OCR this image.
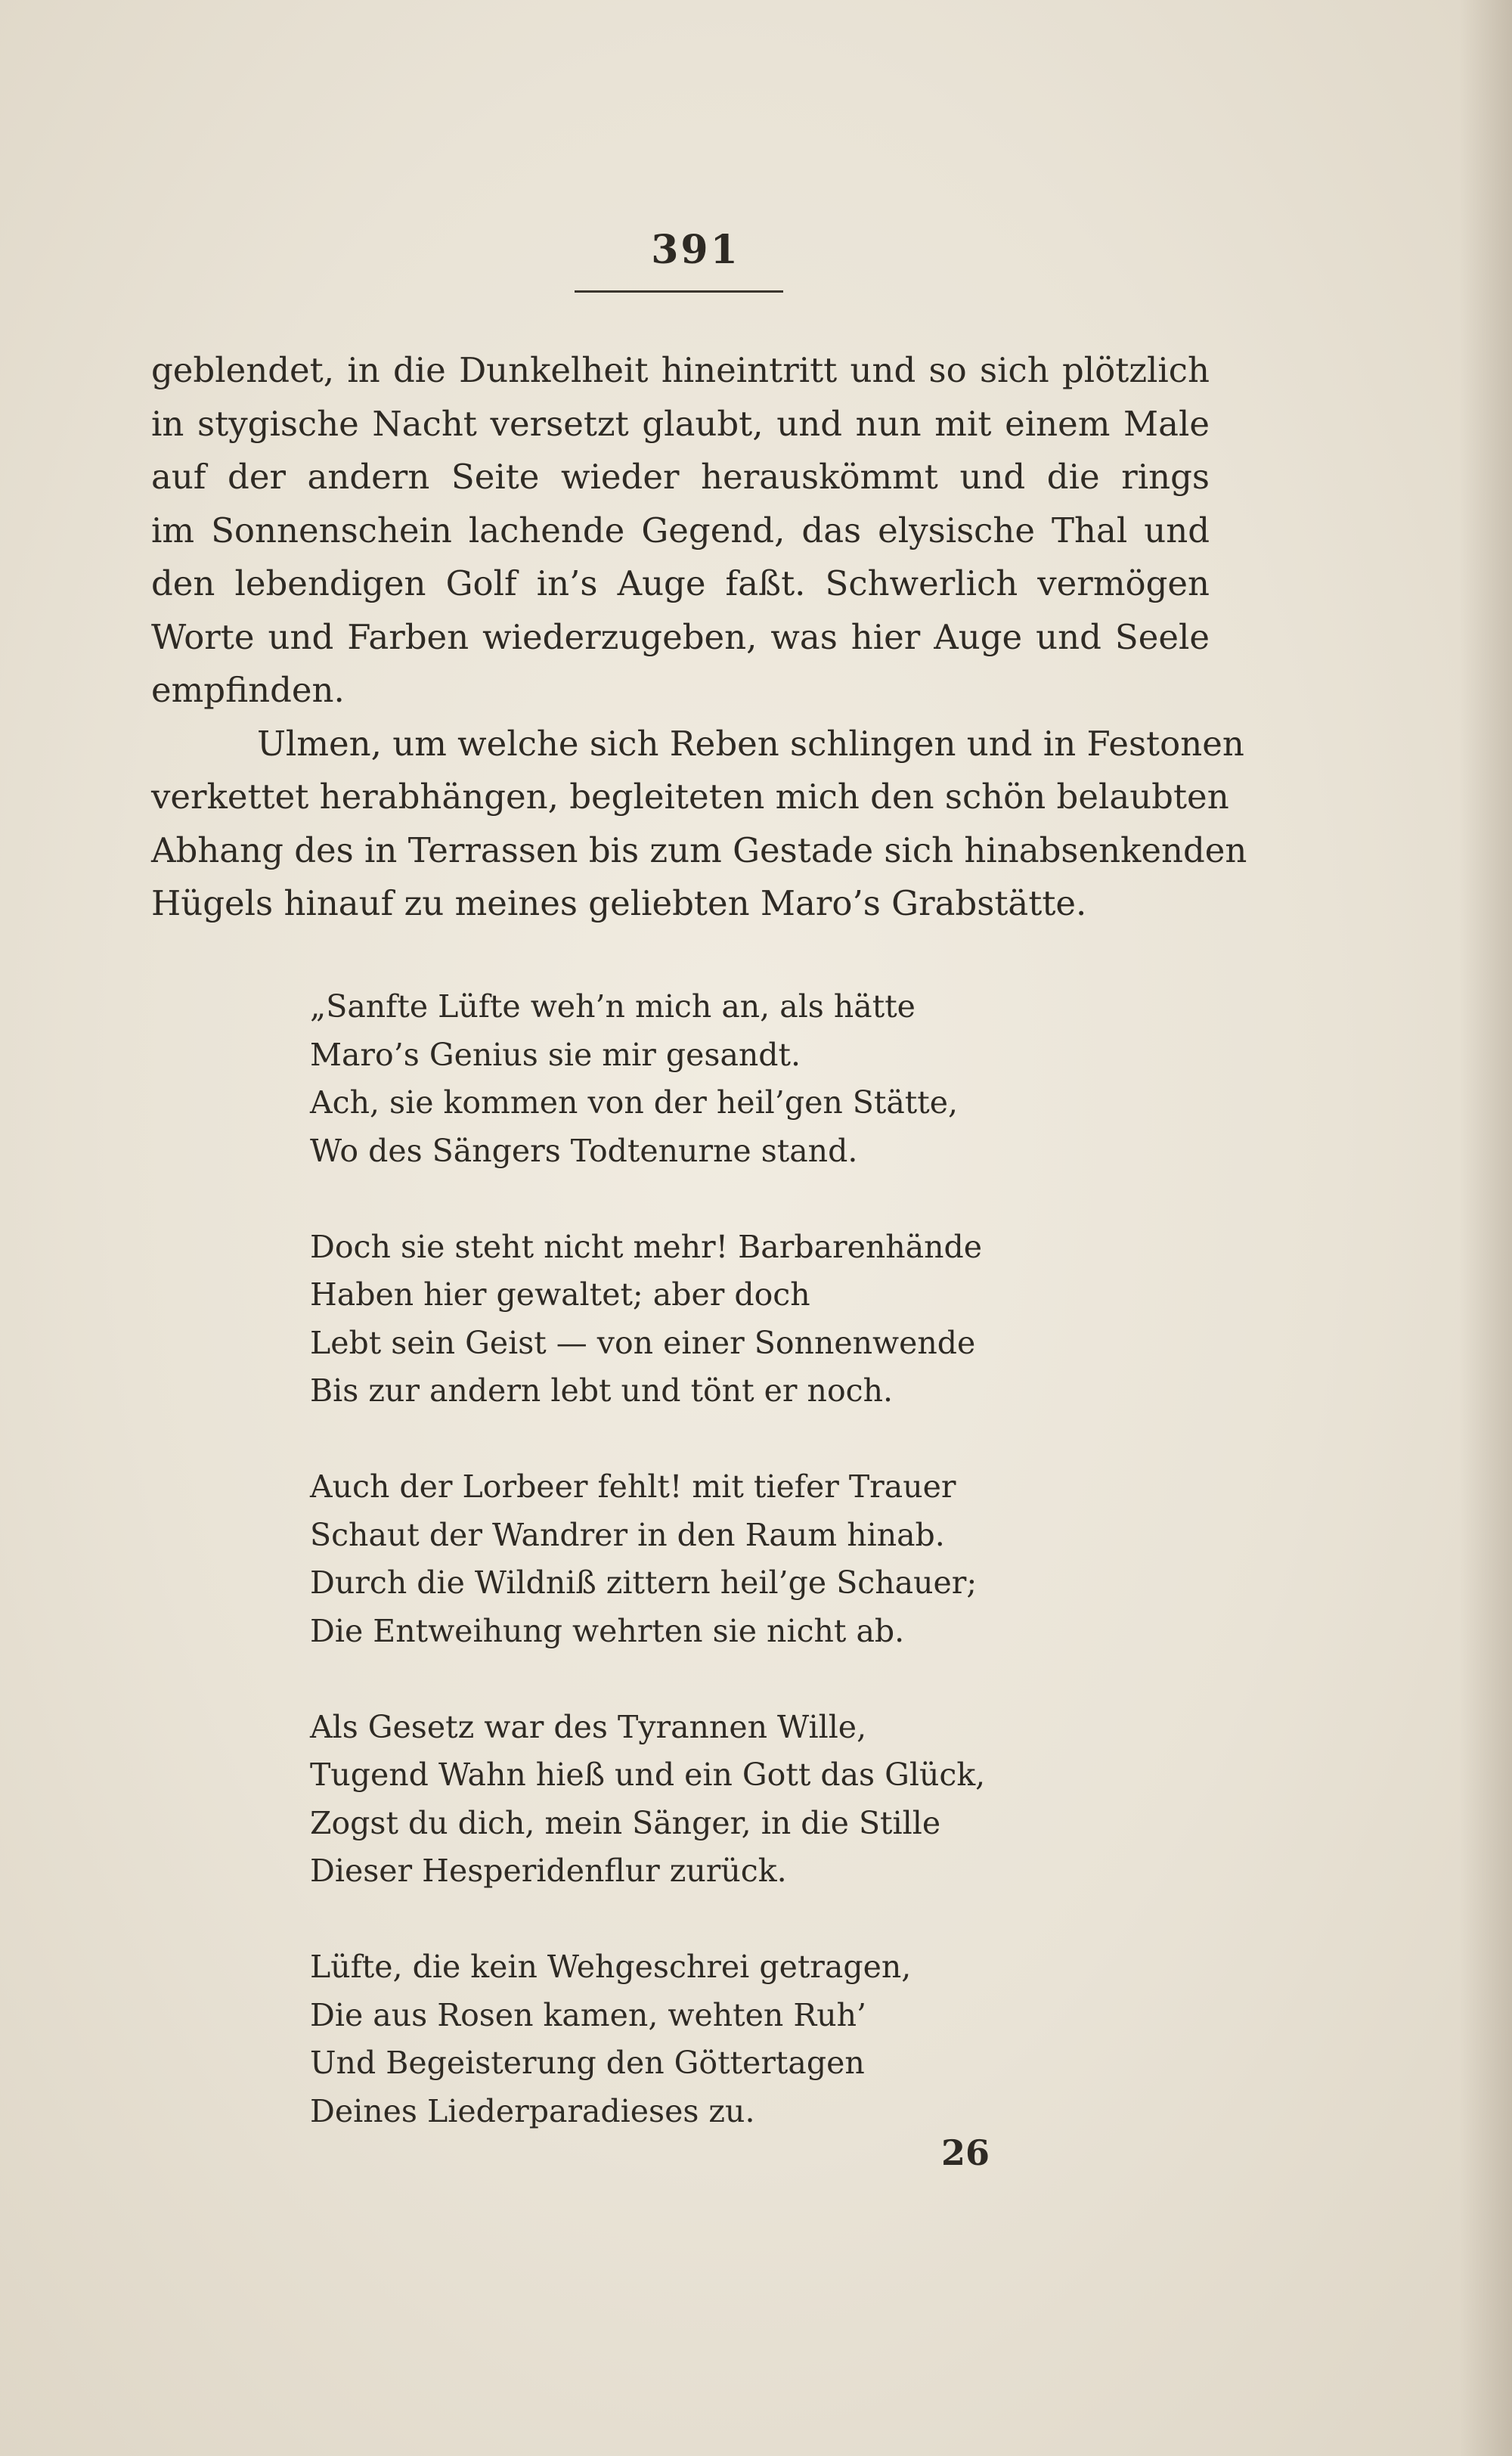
391
geblendet, in die Dunkelheit hineintritt und so sich plötzlich
in stygische Nacht versetzt glaubt, und nun mit einem Male
auf der andern Seite wieder herauskömmt und die rings
im Sonnenschein lachende Gegend, das elysische Thal und
den lebendigen Golf in’s Auge faßt. Schwerlich vermögen
Worte und Farben wiederzugeben, was hier Auge und Seele
empfinden.
Ulmen, um welche sich Reben schlingen und in Festonen
verkettet herabhängen, begleiteten mich den schön belaubten
Abhang des in Terrassen bis zum Gestade sich hinabsenkenden
Hügels hinauf zu meines geliebten Maro’s Grabstätte.
„Sanfte Lüfte weh’n mich an, als hätte
Maro’s Genius sie mir gesandt.
Ach, sie kommen von der heil’gen Stätte,
Wo des Sängers Todtenurne stand.
Doch sie steht nicht mehr! Barbarenhände
Haben hier gewaltet; aber doch
Lebt sein Geist — von einer Sonnenwende
Bis zur andern lebt und tönt er noch.
Auch der Lorbeer fehlt! mit tiefer Trauer
Schaut der Wandrer in den Raum hinab.
Durch die Wildniß zittern heil’ge Schauer;
Die Entweihung wehrten sie nicht ab.
Als Gesetz war des Tyrannen Wille,
Tugend Wahn hieß und ein Gott das Glück,
Zogst du dich, mein Sänger, in die Stille
Dieser Hesperidenflur zurück.
Lüfte, die kein Wehgeschrei getragen,
Die aus Rosen kamen, wehten Ruh’
Und Begeisterung den Göttertagen
Deines Liederparadieses zu.
26
